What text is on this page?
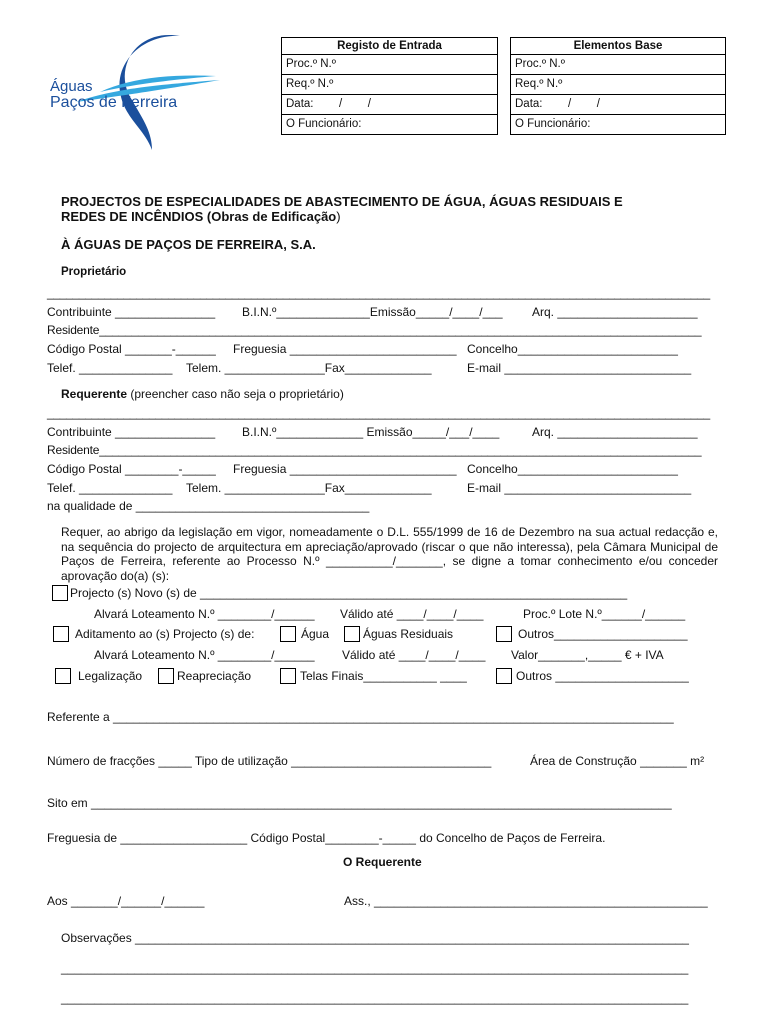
Águas
Paços de Ferreira
Registo de Entrada
Proc.º N.º
Req.º N.º
Data:        /        /
O Funcionário:
Elementos Base
Proc.º N.º
Req.º N.º
Data:        /        /
O Funcionário:
PROJECTOS DE ESPECIALIDADES DE ABASTECIMENTO DE ÁGUA, ÁGUAS RESIDUAIS E
REDES DE INCÊNDIOS (Obras de Edificação)
À ÁGUAS DE PAÇOS DE FERREIRA, S.A.
Proprietário
________________________________________________________________________________________________________
Contribuinte _______________ B.I.N.º______________Emissão_____/____/___ Arq. _____________________
Residente_____________________________________________________________________________________________
Código Postal _______-______ Freguesia _________________________ Concelho________________________
Telef. ______________ Telem. _______________Fax_____________	E-mail ____________________________
Requerente (preencher caso não seja o proprietário)
________________________________________________________________________________________________________
Contribuinte _______________ B.I.N.º_____________ Emissão_____/___/____	Arq. _____________________
Residente_____________________________________________________________________________________________
Código Postal ________-_____ Freguesia _________________________ Concelho________________________
Telef. ______________ Telem. _______________Fax_____________	E-mail ____________________________
na qualidade de ___________________________________
Requer, ao abrigo da legislação em vigor, nomeadamente o D.L. 555/1999 de 16 de Dezembro na sua actual redacção e, na sequência do projecto de arquitectura em apreciação/aprovado (riscar o que não interessa), pela Câmara Municipal de Paços de Ferreira, referente ao Processo N.º __________/_______, se digne a tomar conhecimento e/ou conceder aprovação do(a) (s):
Projecto (s) Novo (s) de ________________________________________________________________
Alvará Loteamento N.º ________/______ Válido até ____/____/____	Proc.º Lote N.º______/______
Aditamento ao (s) Projecto (s) de:	Água	Águas Residuais	Outros____________________
Alvará Loteamento N.º ________/______ Válido até ____/____/____ Valor_______,_____ € + IVA
Legalização	Reapreciação	Telas Finais___________ ____	Outros ____________________
Referente a ____________________________________________________________________________________
Número de fracções _____ Tipo de utilização ______________________________	Área de Construção _______ m²
Sito em _______________________________________________________________________________________
Freguesia de ___________________ Código Postal________-_____ do Concelho de Paços de Ferreira.
O Requerente
Aos _______/______/______	Ass., __________________________________________________
Observações ___________________________________________________________________________________
______________________________________________________________________________________________
______________________________________________________________________________________________
